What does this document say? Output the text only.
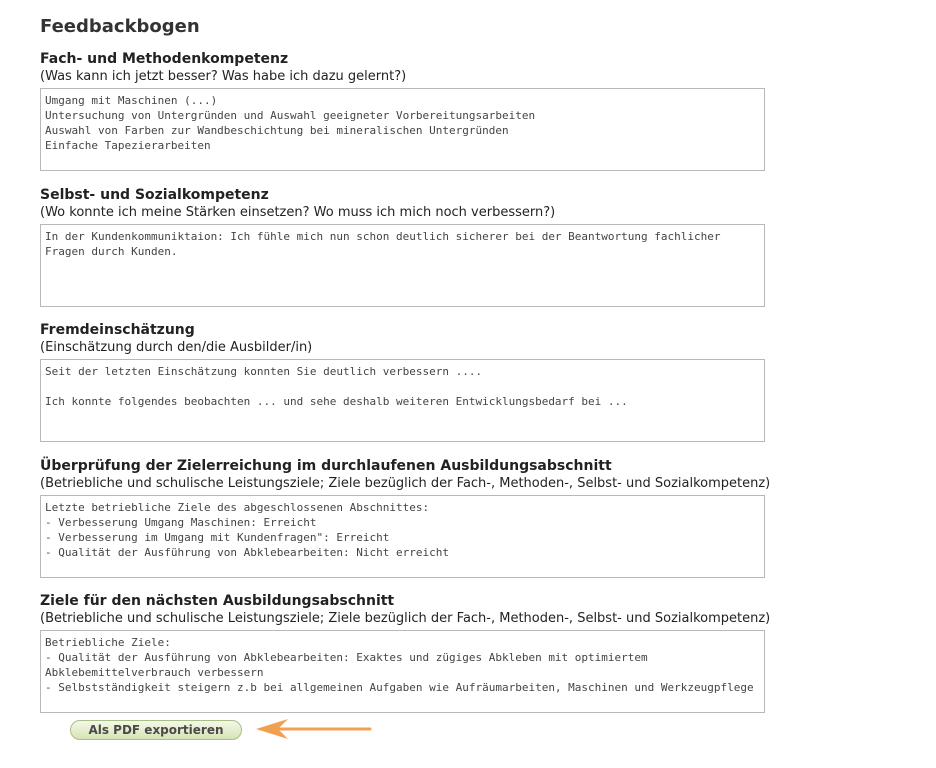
Feedbackbogen
Fach- und Methodenkompetenz
(Was kann ich jetzt besser? Was habe ich dazu gelernt?)
Umgang mit Maschinen (...) Untersuchung von Untergründen und Auswahl geeigneter Vorbereitungsarbeiten Auswahl von Farben zur Wandbeschichtung bei mineralischen Untergründen Einfache Tapezierarbeiten
Selbst- und Sozialkompetenz
(Wo konnte ich meine Stärken einsetzen? Wo muss ich mich noch verbessern?)
In der Kundenkommuniktaion: Ich fühle mich nun schon deutlich sicherer bei der Beantwortung fachlicher Fragen durch Kunden.
Fremdeinschätzung
(Einschätzung durch den/die Ausbilder/in)
Seit der letzten Einschätzung konnten Sie deutlich verbessern .... Ich konnte folgendes beobachten ... und sehe deshalb weiteren Entwicklungsbedarf bei ...
Überprüfung der Zielerreichung im durchlaufenen Ausbildungsabschnitt
(Betriebliche und schulische Leistungsziele; Ziele bezüglich der Fach-, Methoden-, Selbst- und Sozialkompetenz)
Letzte betriebliche Ziele des abgeschlossenen Abschnittes: - Verbesserung Umgang Maschinen: Erreicht - Verbesserung im Umgang mit Kundenfragen": Erreicht - Qualität der Ausführung von Abklebearbeiten: Nicht erreicht
Ziele für den nächsten Ausbildungsabschnitt
(Betriebliche und schulische Leistungsziele; Ziele bezüglich der Fach-, Methoden-, Selbst- und Sozialkompetenz)
Betriebliche Ziele: - Qualität der Ausführung von Abklebearbeiten: Exaktes und zügiges Abkleben mit optimiertem Abklebemittelverbrauch verbessern - Selbstständigkeit steigern z.b bei allgemeinen Aufgaben wie Aufräumarbeiten, Maschinen und Werkzeugpflege
Als PDF exportieren
